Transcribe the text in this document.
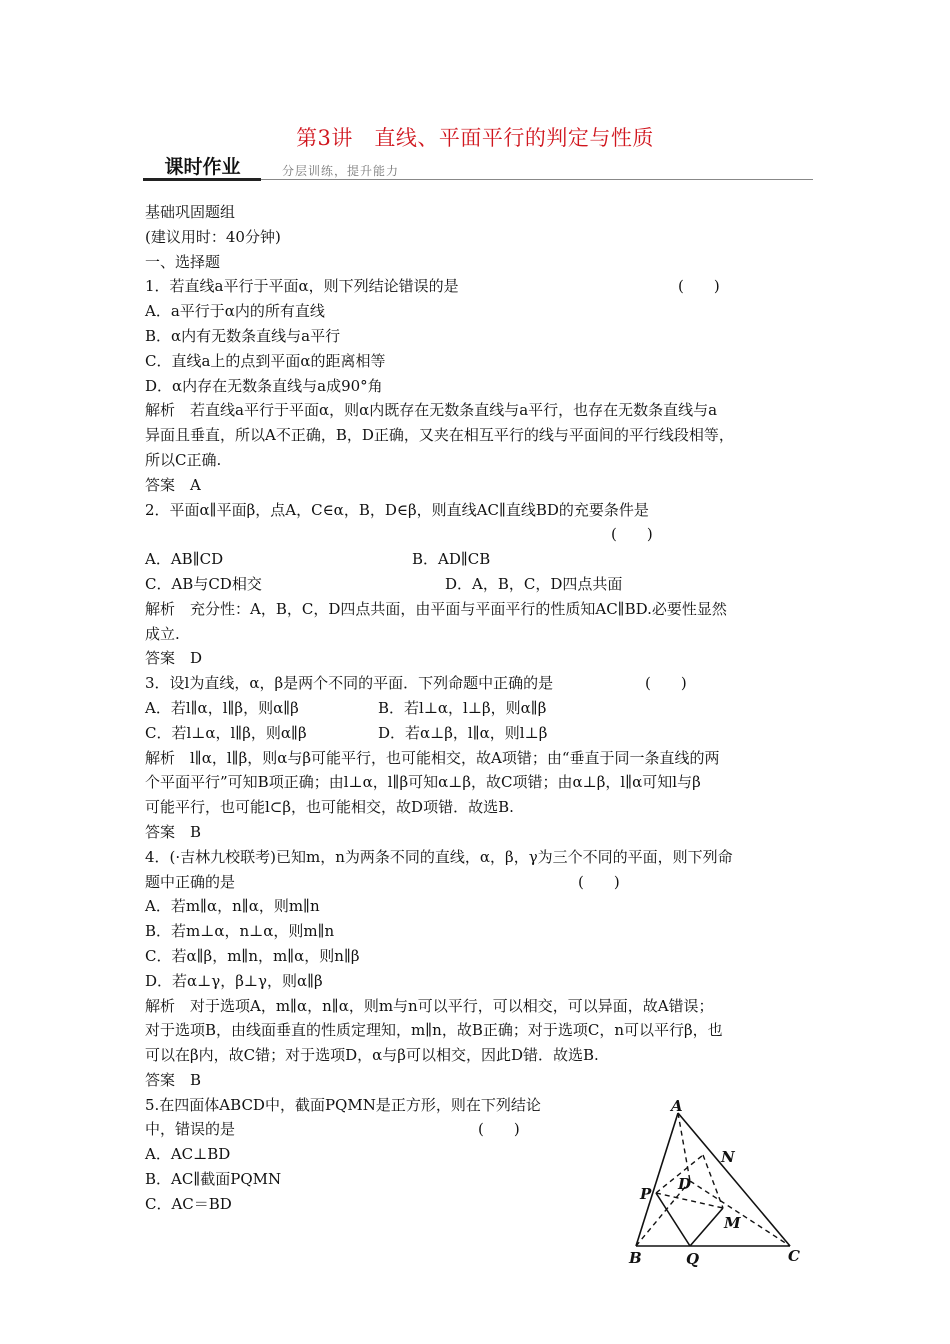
第3讲　直线、平面平行的判定与性质
课时作业	分层训练，提升能力
基础巩固题组
(建议用时：40分钟)
一、选择题
1．若直线a平行于平面α，则下列结论错误的是	(　　)
A．a平行于α内的所有直线
B．α内有无数条直线与a平行
C．直线a上的点到平面α的距离相等
D．α内存在无数条直线与a成90°角
解析　若直线a平行于平面α，则α内既存在无数条直线与a平行，也存在无数条直线与a
异面且垂直，所以A不正确，B，D正确，又夹在相互平行的线与平面间的平行线段相等，
所以C正确.
答案　A
2．平面α∥平面β，点A，C∈α，B，D∈β，则直线AC∥直线BD的充要条件是
(　　)
A．AB∥CD	B．AD∥CB
C．AB与CD相交	D．A，B，C，D四点共面
解析　充分性：A，B，C，D四点共面，由平面与平面平行的性质知AC∥BD.必要性显然
成立.
答案　D
3．设l为直线，α，β是两个不同的平面．下列命题中正确的是	(　　)
A．若l∥α，l∥β，则α∥β	B．若l⊥α，l⊥β，则α∥β
C．若l⊥α，l∥β，则α∥β	D．若α⊥β，l∥α，则l⊥β
解析　l∥α，l∥β，则α与β可能平行，也可能相交，故A项错；由“垂直于同一条直线的两
个平面平行”可知B项正确；由l⊥α，l∥β可知α⊥β，故C项错；由α⊥β，l∥α可知l与β
可能平行，也可能l⊂β，也可能相交，故D项错．故选B.
答案　B
4．(·吉林九校联考)已知m，n为两条不同的直线，α，β，γ为三个不同的平面，则下列命
题中正确的是	(　　)
A．若m∥α，n∥α，则m∥n
B．若m⊥α，n⊥α，则m∥n
C．若α∥β，m∥n，m∥α，则n∥β
D．若α⊥γ，β⊥γ，则α∥β
解析　对于选项A，m∥α，n∥α，则m与n可以平行，可以相交，可以异面，故A错误；
对于选项B，由线面垂直的性质定理知，m∥n，故B正确；对于选项C，n可以平行β，也
可以在β内，故C错；对于选项D，α与β可以相交，因此D错．故选B.
答案　B
5.在四面体ABCD中，截面PQMN是正方形，则在下列结论
中，错误的是	(　　)
A．AC⊥BD
B．AC∥截面PQMN
C．AC＝BD
A
B	C
D
P
Q
M
N
